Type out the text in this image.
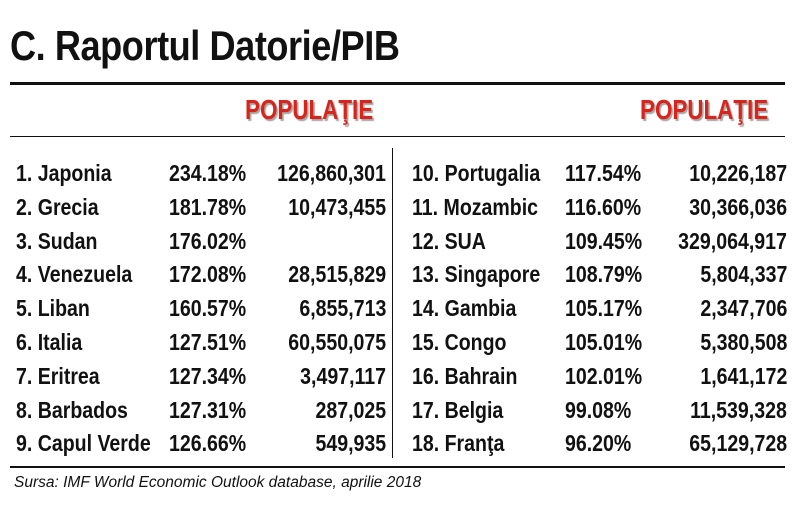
C. Raportul Datorie/PIB
POPULAŢIE	POPULAŢIE
1. Japonia 234.18% 126,860,301
2. Grecia	181.78% 10,473,455
3. Sudan	176.02%
4. Venezuela 172.08% 28,515,829
5. Liban	160.57% 6,855,713
6. Italia	127.51% 60,550,075
7. Eritrea	127.34% 3,497,117
8. Barbados 127.31%	287,025
9. Capul Verde 126.66%	549,935
10. Portugalia 117.54% 10,226,187
11. Mozambic 116.60% 30,366,036
12. SUA	109.45% 329,064,917
13. Singapore 108.79%	5,804,337
14. Gambia 105.17%	2,347,706
15. Congo	105.01%	5,380,508
16. Bahrain 102.01%	1,641,172
17. Belgia	99.08%	11,539,328
18. Franţa	96.20%	65,129,728
Sursa: IMF World Economic Outlook database, aprilie 2018
